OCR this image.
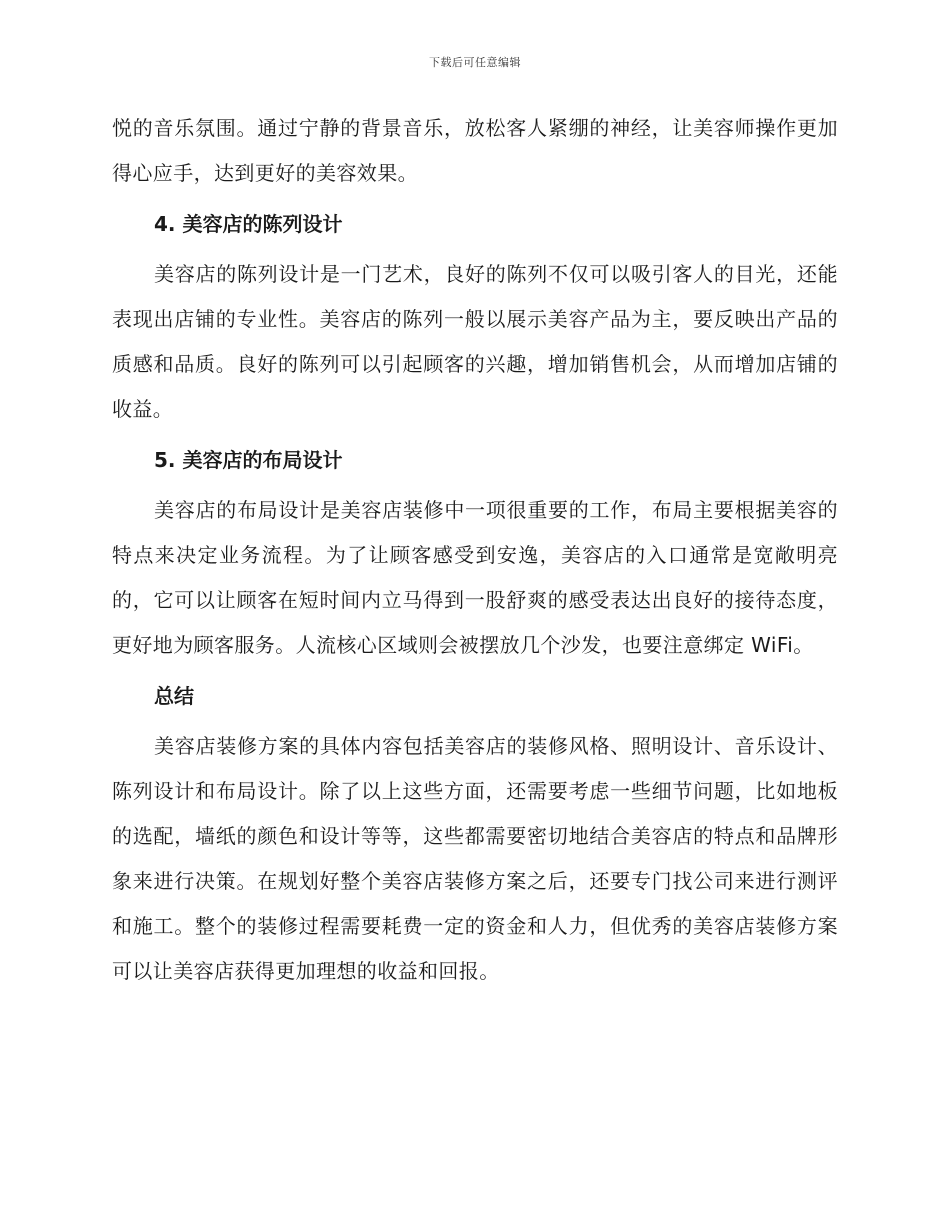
下载后可任意编辑

悦的音乐氛围。通过宁静的背景音乐，放松客人紧绷的神经，让美容师操作更加得心应手，达到更好的美容效果。

4. 美容店的陈列设计

美容店的陈列设计是一门艺术，良好的陈列不仅可以吸引客人的目光，还能表现出店铺的专业性。美容店的陈列一般以展示美容产品为主，要反映出产品的质感和品质。良好的陈列可以引起顾客的兴趣，增加销售机会，从而增加店铺的收益。

5. 美容店的布局设计

美容店的布局设计是美容店装修中一项很重要的工作，布局主要根据美容的特点来决定业务流程。为了让顾客感受到安逸，美容店的入口通常是宽敞明亮的，它可以让顾客在短时间内立马得到一股舒爽的感受表达出良好的接待态度，更好地为顾客服务。人流核心区域则会被摆放几个沙发，也要注意绑定 WiFi。

总结

美容店装修方案的具体内容包括美容店的装修风格、照明设计、音乐设计、陈列设计和布局设计。除了以上这些方面，还需要考虑一些细节问题，比如地板的选配，墙纸的颜色和设计等等，这些都需要密切地结合美容店的特点和品牌形象来进行决策。在规划好整个美容店装修方案之后，还要专门找公司来进行测评和施工。整个的装修过程需要耗费一定的资金和人力，但优秀的美容店装修方案可以让美容店获得更加理想的收益和回报。
